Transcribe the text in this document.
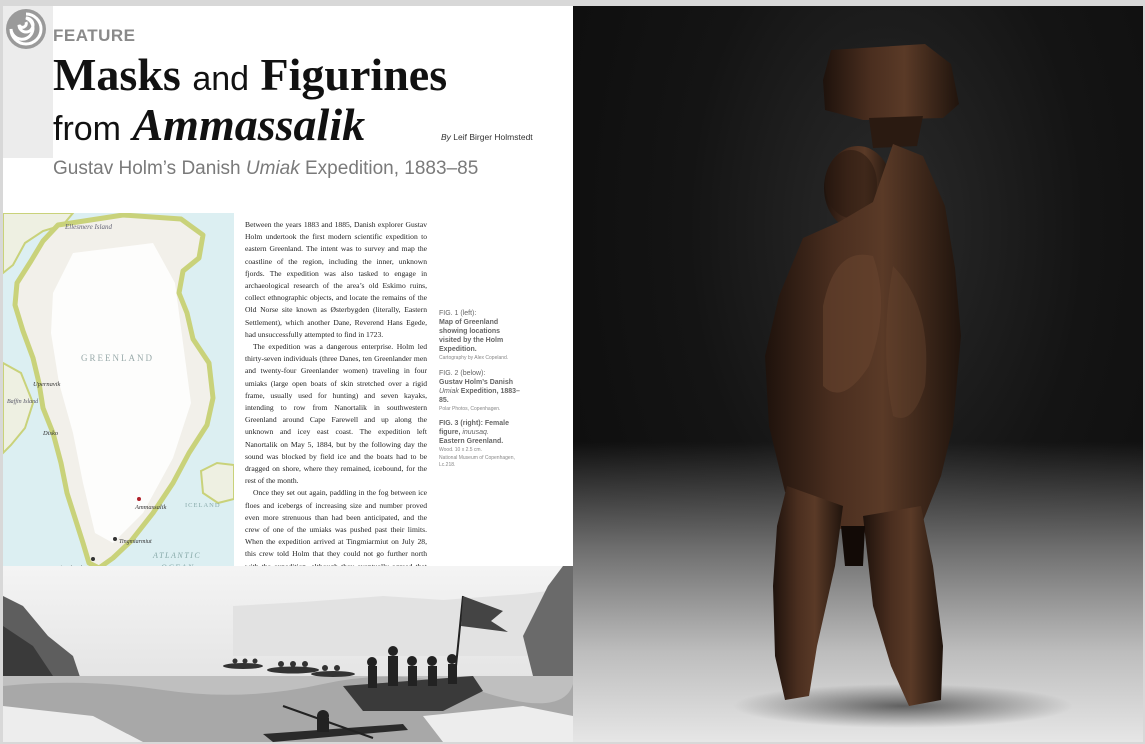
FEATURE
Masks and Figurines
from Ammassalik	By Leif Birger Holmstedt
Gustav Holm’s Danish Umiak Expedition, 1883–85
Ellesmere Island
GREENLAND
Upernavik
Baffin Island
Disko
Ammassalik
Tingmiarmiut
ATLANTIC
ICELAND

Between the years 1883 and 1885, Danish explorer Gustav Holm undertook the first modern scientific expedition to eastern Greenland. The intent was to survey and map the coastline of the region, including the inner, unknown fjords. The expedition was also tasked to engage in archaeological research of the area’s old Eskimo ruins, collect ethnographic objects, and locate the remains of the Old Norse site known as Østerbygden (literally, Eastern Settlement), which another Dane, Reverend Hans Egede, had unsuccessfully attempted to find in 1723.

The expedition was a dangerous enterprise. Holm led thirty-seven individuals (three Danes, ten Greenlander men and twenty-four Greenlander women) traveling in four umiaks (large open boats of skin stretched over a rigid frame, usually used for hunting) and seven kayaks, intending to row from Nanortalik in southwestern Greenland around Cape Farewell and up along the unknown and icey east coast. The expedition left Nanortalik on May 5, 1884, but by the following day the sound was blocked by field ice and the boats had to be dragged on shore, where they remained, icebound, for the rest of the month.

Once they set out again, paddling in the fog between ice floes and icebergs of increasing size and number proved even more strenuous than had been anticipated, and the crew of one of the umiaks was pushed past their limits. When the expedition arrived at Tingmiarmiut on July 28, this crew told Holm that they could not go further north

FIG. 1 (left):
Map of Greenland showing locations visited by the Holm Expedition.
Cartography by Alex Copeland.
FIG. 2 (below):
Gustav Holm’s Danish Umiak Expedition, 1883–85.
Polar Photos, Copenhagen.
FIG. 3 (right): Female figure, inuusaq.
Eastern Greenland.
Wood. 10 x 2.5 cm.
National Museum of Copenhagen,
Lc.218.
